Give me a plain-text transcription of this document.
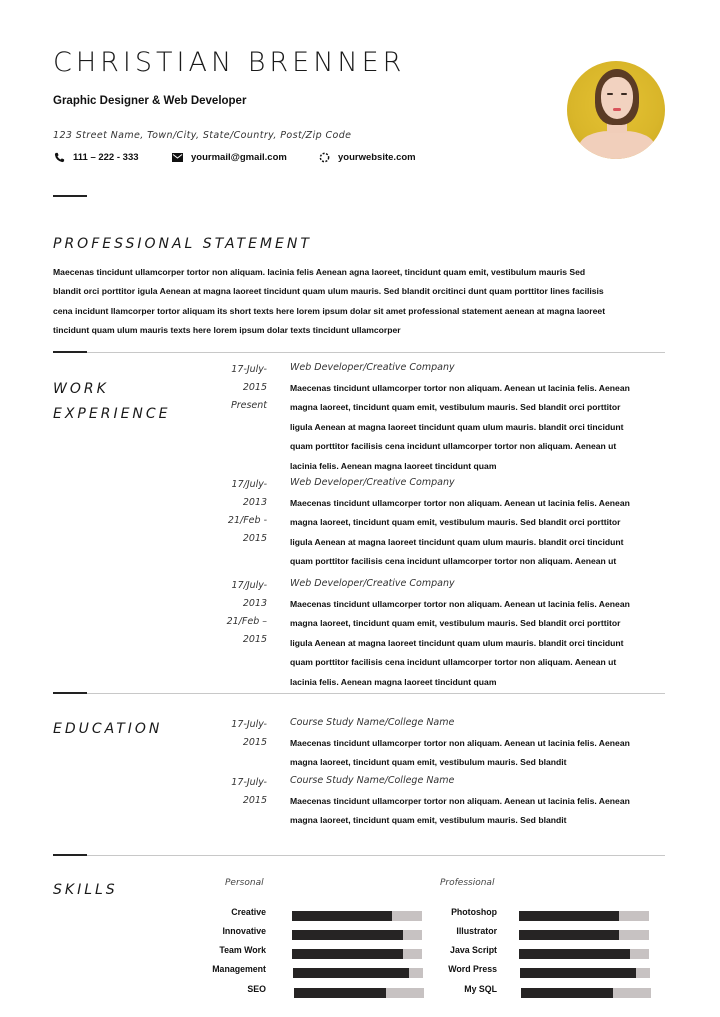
CHRISTIAN BRENNER
Graphic Designer & Web Developer
123 Street Name, Town/City, State/Country, Post/Zip Code
111 – 222 - 333	yourmail@gmail.com	yourwebsite.com
PROFESSIONAL STATEMENT
Maecenas tincidunt ullamcorper tortor non aliquam. lacinia felis Aenean agna laoreet, tincidunt quam emit, vestibulum mauris Sed
blandit orci porttitor igula Aenean at magna laoreet tincidunt quam ulum mauris. Sed blandit orcitinci dunt quam porttitor lines facilisis
cena incidunt llamcorper tortor aliquam its short texts here lorem ipsum dolar sit amet professional statement aenean at magna laoreet
tincidunt quam ulum mauris texts here lorem ipsum dolar texts tincidunt ullamcorper
WORK
EXPERIENCE
17-July-
2015
Present
Web Developer/Creative Company
Maecenas tincidunt ullamcorper tortor non aliquam. Aenean ut lacinia felis. Aenean
magna laoreet, tincidunt quam emit, vestibulum mauris. Sed blandit orci porttitor
ligula Aenean at magna laoreet tincidunt quam ulum mauris. blandit orci tincidunt
quam porttitor facilisis cena incidunt ullamcorper tortor non aliquam. Aenean ut
lacinia felis. Aenean magna laoreet tincidunt quam
17/July-
2013
21/Feb -
2015
Web Developer/Creative Company
Maecenas tincidunt ullamcorper tortor non aliquam. Aenean ut lacinia felis. Aenean
magna laoreet, tincidunt quam emit, vestibulum mauris. Sed blandit orci porttitor
ligula Aenean at magna laoreet tincidunt quam ulum mauris. blandit orci tincidunt
quam porttitor facilisis cena incidunt ullamcorper tortor non aliquam. Aenean ut
17/July-
2013
21/Feb –
2015
Web Developer/Creative Company
Maecenas tincidunt ullamcorper tortor non aliquam. Aenean ut lacinia felis. Aenean
magna laoreet, tincidunt quam emit, vestibulum mauris. Sed blandit orci porttitor
ligula Aenean at magna laoreet tincidunt quam ulum mauris. blandit orci tincidunt
quam porttitor facilisis cena incidunt ullamcorper tortor non aliquam. Aenean ut
lacinia felis. Aenean magna laoreet tincidunt quam
EDUCATION	17-July-
2015
Course Study Name/College Name
Maecenas tincidunt ullamcorper tortor non aliquam. Aenean ut lacinia felis. Aenean
magna laoreet, tincidunt quam emit, vestibulum mauris. Sed blandit
17-July-
2015
Course Study Name/College Name
Maecenas tincidunt ullamcorper tortor non aliquam. Aenean ut lacinia felis. Aenean
magna laoreet, tincidunt quam emit, vestibulum mauris. Sed blandit
SKILLS	Personal	Professional
Creative
Innovative
Team Work
Management
SEO
Photoshop
Illustrator
Java Script
Word Press
My SQL
